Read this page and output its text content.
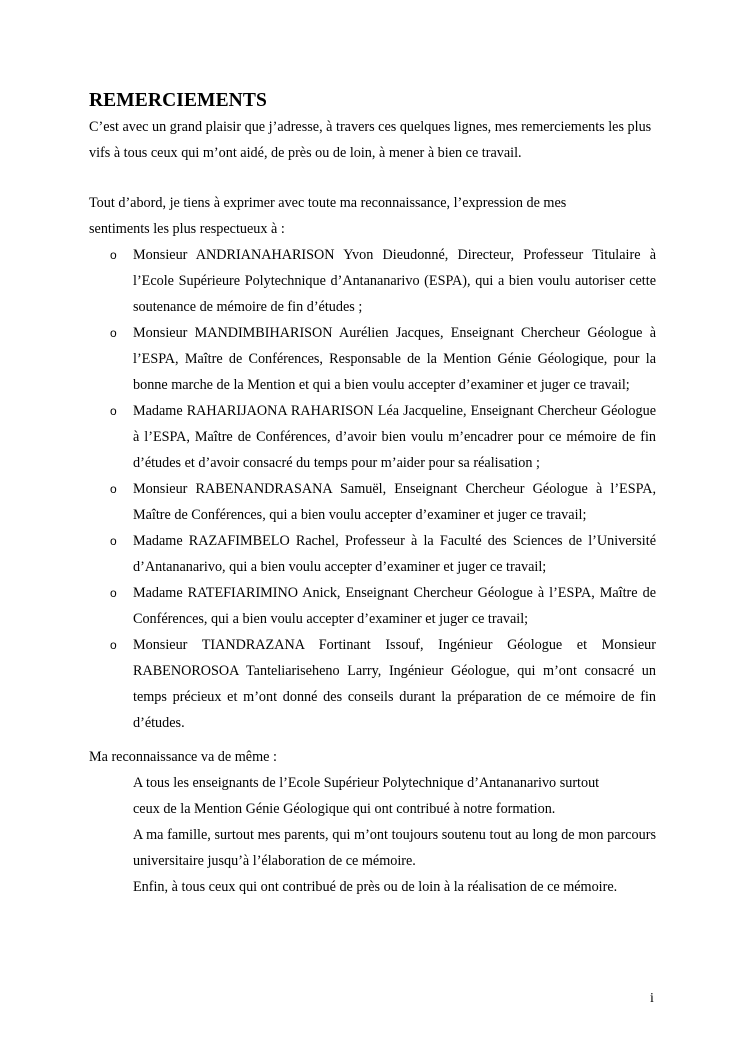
REMERCIEMENTS

C’est avec un grand plaisir que j’adresse, à travers ces quelques lignes, mes remerciements les plus vifs à tous ceux qui m’ont aidé, de près ou de loin, à mener à bien ce travail.

Tout d’abord, je tiens à exprimer avec toute ma reconnaissance, l’expression de mes sentiments les plus respectueux à :

o Monsieur ANDRIANAHARISON Yvon Dieudonné, Directeur, Professeur Titulaire à l’Ecole Supérieure Polytechnique d’Antananarivo (ESPA), qui a bien voulu autoriser cette soutenance de mémoire de fin d’études ;
o Monsieur MANDIMBIHARISON Aurélien Jacques, Enseignant Chercheur Géologue à l’ESPA, Maître de Conférences, Responsable de la Mention Génie Géologique, pour la bonne marche de la Mention et qui a bien voulu accepter d’examiner et juger ce travail;
o Madame RAHARIJAONA RAHARISON Léa Jacqueline, Enseignant Chercheur Géologue à l’ESPA, Maître de Conférences, d’avoir bien voulu m’encadrer pour ce mémoire de fin d’études et d’avoir consacré du temps pour m’aider pour sa réalisation ;
o Monsieur RABENANDRASANA Samuël, Enseignant Chercheur Géologue à l’ESPA, Maître de Conférences, qui a bien voulu accepter d’examiner et juger ce travail;
o Madame RAZAFIMBELO Rachel, Professeur à la Faculté des Sciences de l’Université d’Antananarivo, qui a bien voulu accepter d’examiner et juger ce travail;
o Madame RATEFIARIMINO Anick, Enseignant Chercheur Géologue à l’ESPA, Maître de Conférences, qui a bien voulu accepter d’examiner et juger ce travail;
o Monsieur TIANDRAZANA Fortinant Issouf, Ingénieur Géologue et Monsieur RABENOROSOA Tanteliariseheno Larry, Ingénieur Géologue, qui m’ont consacré un temps précieux et m’ont donné des conseils durant la préparation de ce mémoire de fin d’études.

Ma reconnaissance va de même :

A tous les enseignants de l’Ecole Supérieur Polytechnique d’Antananarivo surtout ceux de la Mention Génie Géologique qui ont contribué à notre formation.

A ma famille, surtout mes parents, qui m’ont toujours soutenu tout au long de mon parcours universitaire jusqu’à l’élaboration de ce mémoire.

Enfin, à tous ceux qui ont contribué de près ou de loin à la réalisation de ce mémoire.

i
